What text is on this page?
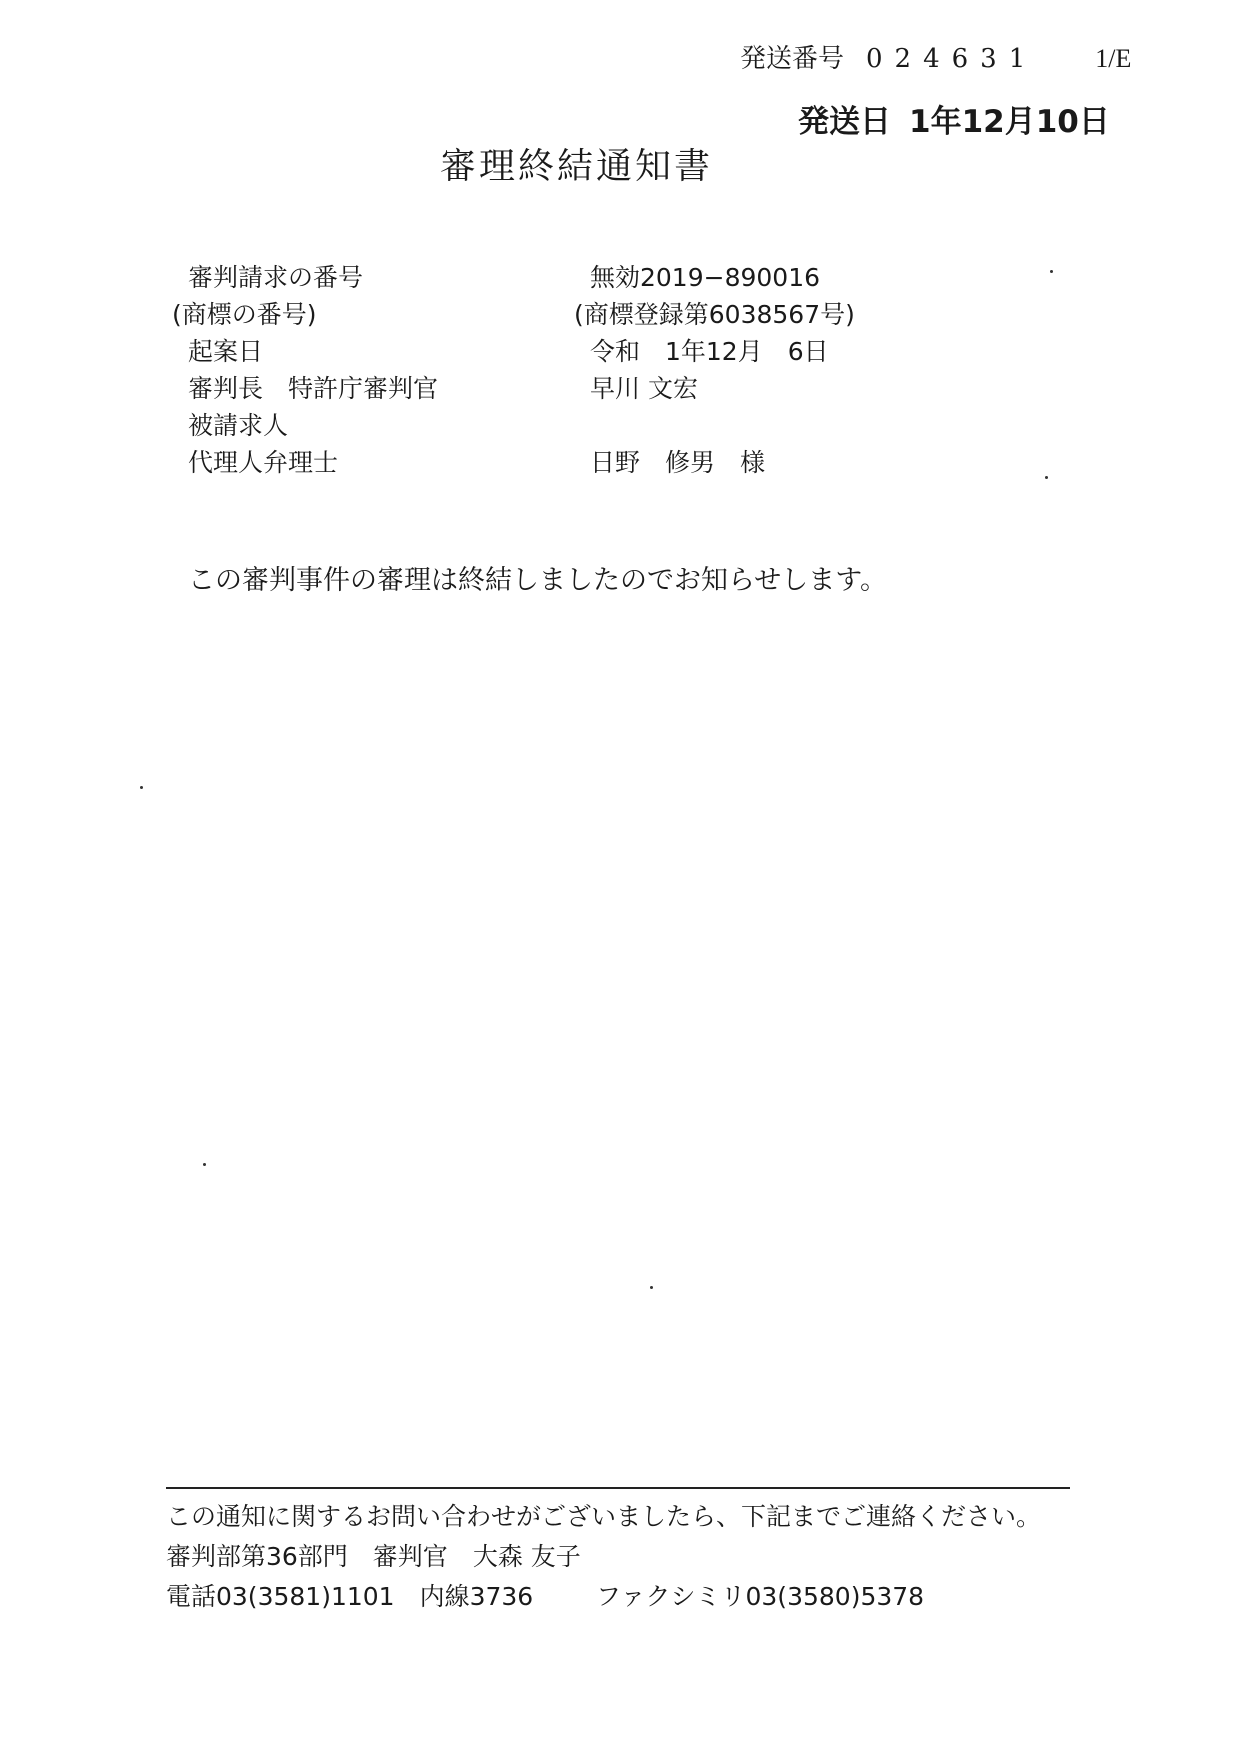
発送番号 024631 1/E
発送日 1年12月10日
審理終結通知書
審判請求の番号	無効2019−890016
(商標の番号)	(商標登録第6038567号)
起案日	令和　1年12月　6日
審判長　特許庁審判官	早川 文宏
被請求人
代理人弁理士	日野　修男　様
この審判事件の審理は終結しましたのでお知らせします。
この通知に関するお問い合わせがございましたら、下記までご連絡ください。
審判部第36部門　審判官　大森 友子
電話03(3581)1101　内線3736	ファクシミリ03(3580)5378
